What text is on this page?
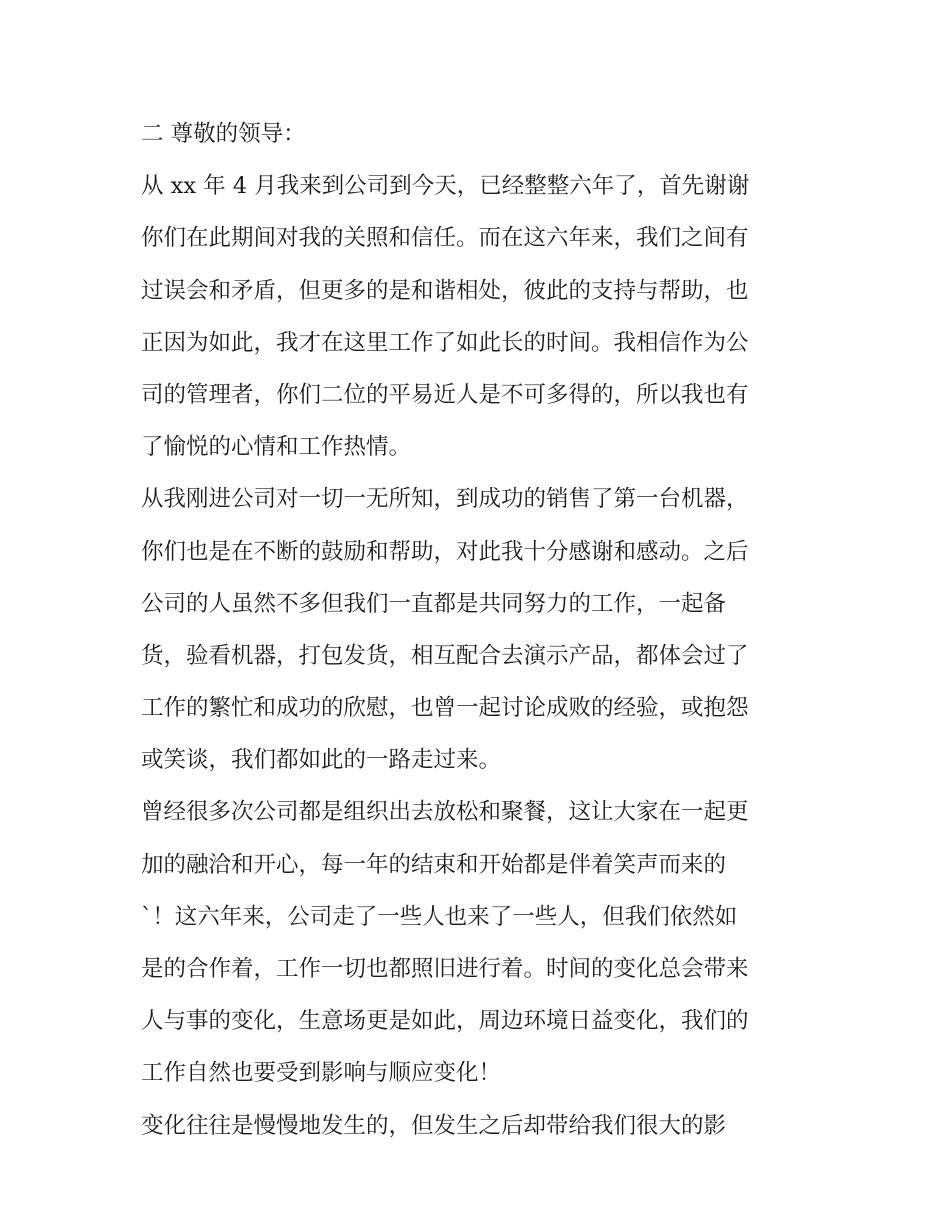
二 尊敬的领导：
从 xx 年 4 月我来到公司到今天，已经整整六年了，首先谢谢
你们在此期间对我的关照和信任。而在这六年来，我们之间有
过误会和矛盾，但更多的是和谐相处，彼此的支持与帮助，也
正因为如此，我才在这里工作了如此长的时间。我相信作为公
司的管理者，你们二位的平易近人是不可多得的，所以我也有
了愉悦的心情和工作热情。
从我刚进公司对一切一无所知，到成功的销售了第一台机器，
你们也是在不断的鼓励和帮助，对此我十分感谢和感动。之后
公司的人虽然不多但我们一直都是共同努力的工作，一起备
货，验看机器，打包发货，相互配合去演示产品，都体会过了
工作的繁忙和成功的欣慰，也曾一起讨论成败的经验，或抱怨
或笑谈，我们都如此的一路走过来。
曾经很多次公司都是组织出去放松和聚餐，这让大家在一起更
加的融洽和开心，每一年的结束和开始都是伴着笑声而来的
`！这六年来，公司走了一些人也来了一些人，但我们依然如
是的合作着，工作一切也都照旧进行着。时间的变化总会带来
人与事的变化，生意场更是如此，周边环境日益变化，我们的
工作自然也要受到影响与顺应变化！
变化往往是慢慢地发生的，但发生之后却带给我们很大的影
